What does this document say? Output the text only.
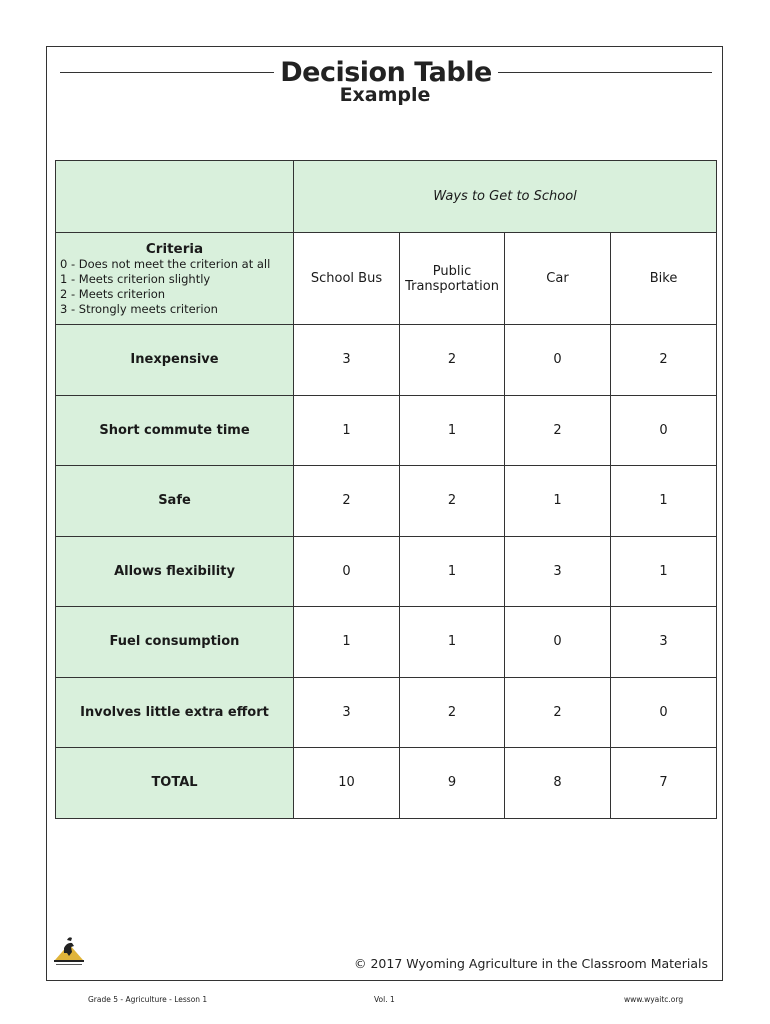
Decision Table
Example
	Ways to Get to School			

Criteria
0 - Does not meet the criterion at all
1 - Meets criterion slightly
2 - Meets criterion
3 - Strongly meets criterion	School Bus	Public Transportation	Car	Bike
Inexpensive	3	2	0	2
Short commute time	1	1	2	0
Safe	2	2	1	1
Allows flexibility	0	1	3	1
Fuel consumption	1	1	0	3
Involves little extra effort	3	2	2	0
TOTAL	10	9	8	7
© 2017 Wyoming Agriculture in the Classroom Materials
Grade 5 - Agriculture - Lesson 1	Vol. 1	www.wyaitc.org
